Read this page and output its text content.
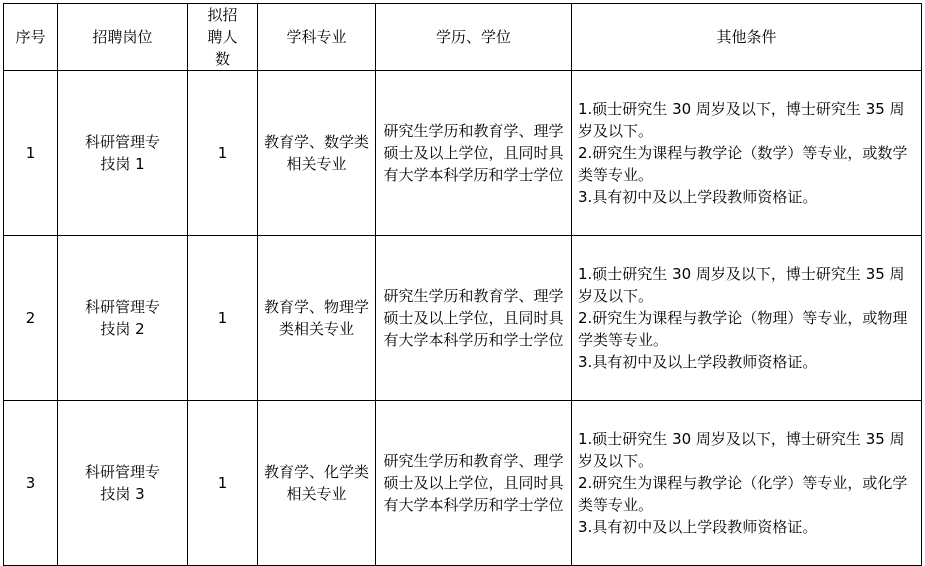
序号	招聘岗位	拟招聘人数	学科专业	学历、学位	其他条件
1	科研管理专技岗 1	1	教育学、数学类相关专业	研究生学历和教育学、理学硕士及以上学位，且同时具有大学本科学历和学士学位	1.硕士研究生 30 周岁及以下，博士研究生 35 周岁及以下。
2.研究生为课程与教学论（数学）等专业，或数学类等专业。
3.具有初中及以上学段教师资格证。

2	科研管理专技岗 2	1	教育学、物理学类相关专业	研究生学历和教育学、理学硕士及以上学位，且同时具有大学本科学历和学士学位	1.硕士研究生 30 周岁及以下，博士研究生 35 周岁及以下。
2.研究生为课程与教学论（物理）等专业，或物理学类等专业。
3.具有初中及以上学段教师资格证。

3	科研管理专技岗 3	1	教育学、化学类相关专业	研究生学历和教育学、理学硕士及以上学位，且同时具有大学本科学历和学士学位	1.硕士研究生 30 周岁及以下，博士研究生 35 周岁及以下。
2.研究生为课程与教学论（化学）等专业，或化学类等专业。
3.具有初中及以上学段教师资格证。
